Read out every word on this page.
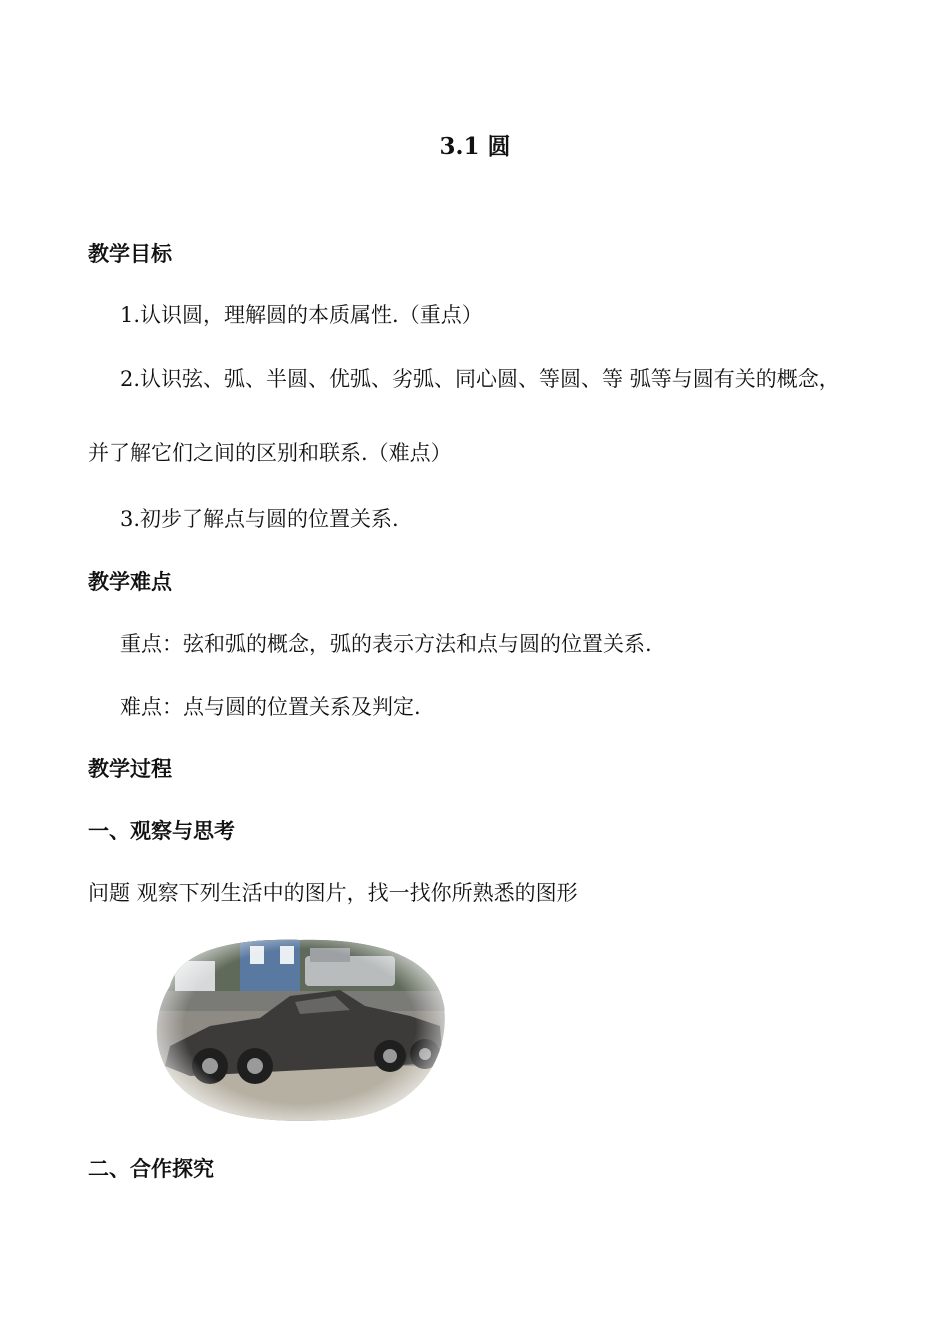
3.1 圆
教学目标
1.认识圆，理解圆的本质属性.（重点）
2.认识弦、弧、半圆、优弧、劣弧、同心圆、等圆、等 弧等与圆有关的概念，
并了解它们之间的区别和联系.（难点）
3.初步了解点与圆的位置关系.
教学难点
重点：弦和弧的概念，弧的表示方法和点与圆的位置关系.
难点：点与圆的位置关系及判定.
教学过程
一、观察与思考
问题 观察下列生活中的图片，找一找你所熟悉的图形
二、合作探究
